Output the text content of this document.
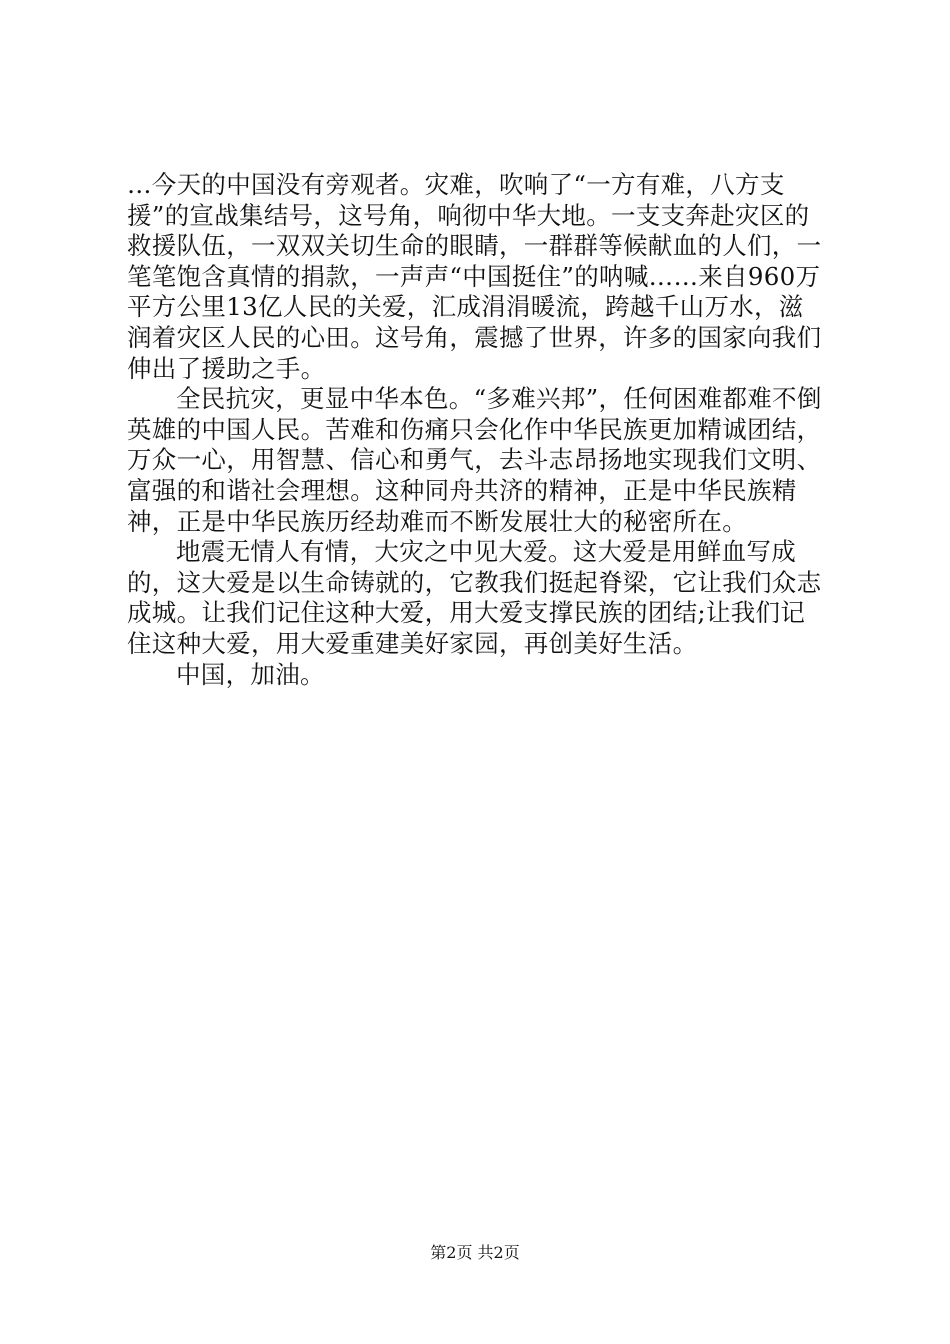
…今天的中国没有旁观者。灾难，吹响了“一方有难，八方支援”的宣战集结号，这号角，响彻中华大地。一支支奔赴灾区的救援队伍，一双双关切生命的眼睛，一群群等候献血的人们，一笔笔饱含真情的捐款，一声声“中国挺住”的呐喊……来自960万平方公里13亿人民的关爱，汇成涓涓暖流，跨越千山万水，滋润着灾区人民的心田。这号角，震撼了世界，许多的国家向我们伸出了援助之手。

全民抗灾，更显中华本色。“多难兴邦”，任何困难都难不倒英雄的中国人民。苦难和伤痛只会化作中华民族更加精诚团结，万众一心，用智慧、信心和勇气，去斗志昂扬地实现我们文明、富强的和谐社会理想。这种同舟共济的精神，正是中华民族精神，正是中华民族历经劫难而不断发展壮大的秘密所在。

地震无情人有情，大灾之中见大爱。这大爱是用鲜血写成的，这大爱是以生命铸就的，它教我们挺起脊梁，它让我们众志成城。让我们记住这种大爱，用大爱支撑民族的团结;让我们记住这种大爱，用大爱重建美好家园，再创美好生活。

中国，加油。

第2页 共2页
